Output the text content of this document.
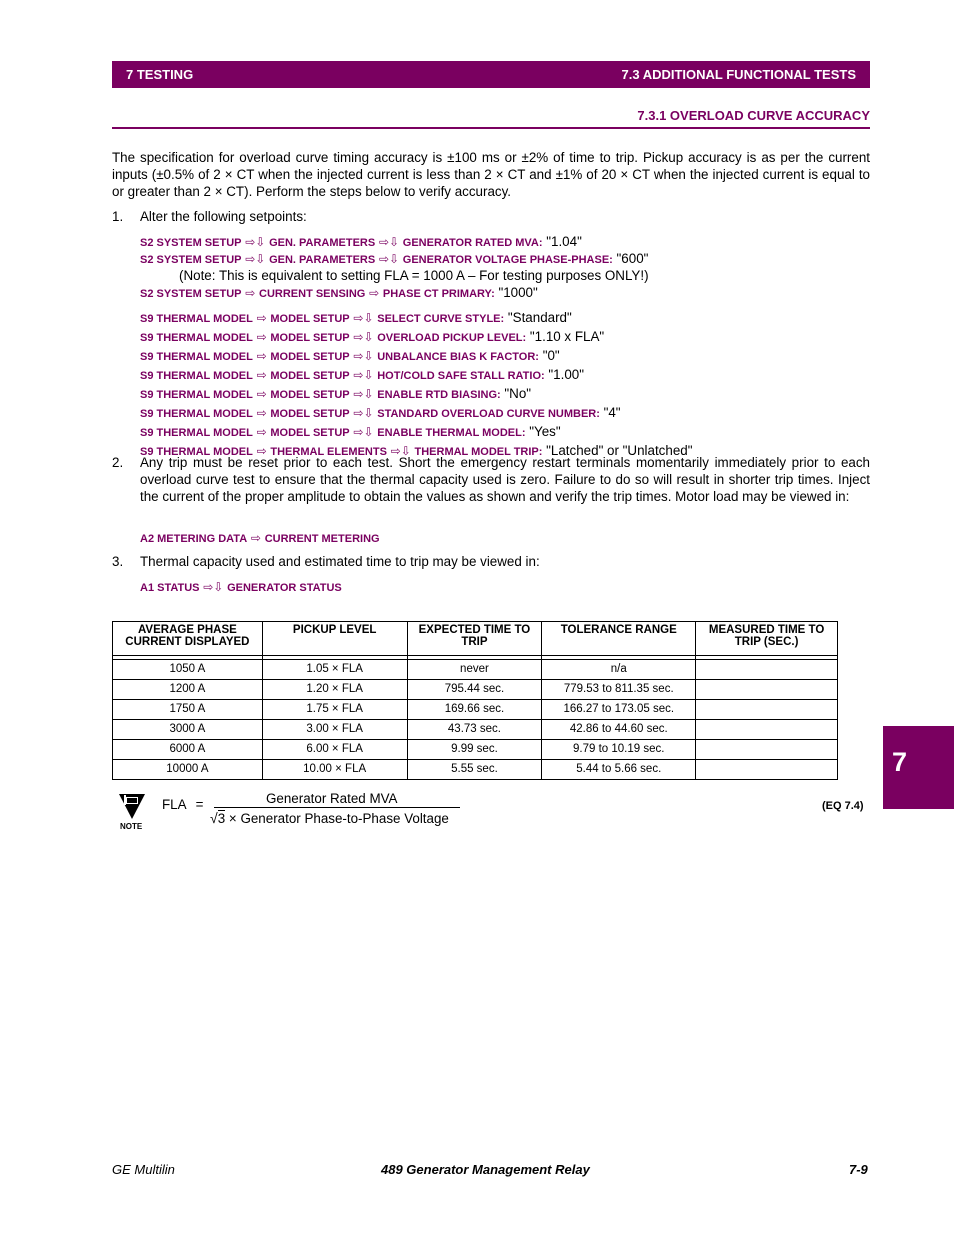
7 TESTING	7.3 ADDITIONAL FUNCTIONAL TESTS
7.3.1 OVERLOAD CURVE ACCURACY
The specification for overload curve timing accuracy is ±100 ms or ±2% of time to trip. Pickup accuracy is as per the current inputs (±0.5% of 2 × CT when the injected current is less than 2 × CT and ±1% of 20 × CT when the injected current is equal to or greater than 2 × CT). Perform the steps below to verify accuracy.
1. Alter the following setpoints:
S2 SYSTEM SETUP ⇨⇩ GEN. PARAMETERS ⇨⇩ GENERATOR RATED MVA: "1.04"
S2 SYSTEM SETUP ⇨⇩ GEN. PARAMETERS ⇨⇩ GENERATOR VOLTAGE PHASE-PHASE: "600"
(Note: This is equivalent to setting FLA = 1000 A – For testing purposes ONLY!)
S2 SYSTEM SETUP ⇨ CURRENT SENSING ⇨ PHASE CT PRIMARY: "1000"
S9 THERMAL MODEL ⇨ MODEL SETUP ⇨⇩ SELECT CURVE STYLE: "Standard"
S9 THERMAL MODEL ⇨ MODEL SETUP ⇨⇩ OVERLOAD PICKUP LEVEL: "1.10 x FLA"
S9 THERMAL MODEL ⇨ MODEL SETUP ⇨⇩ UNBALANCE BIAS K FACTOR: "0"
S9 THERMAL MODEL ⇨ MODEL SETUP ⇨⇩ HOT/COLD SAFE STALL RATIO: "1.00"
S9 THERMAL MODEL ⇨ MODEL SETUP ⇨⇩ ENABLE RTD BIASING: "No"
S9 THERMAL MODEL ⇨ MODEL SETUP ⇨⇩ STANDARD OVERLOAD CURVE NUMBER: "4"
S9 THERMAL MODEL ⇨ MODEL SETUP ⇨⇩ ENABLE THERMAL MODEL: "Yes"
S9 THERMAL MODEL ⇨ THERMAL ELEMENTS ⇨⇩ THERMAL MODEL TRIP: "Latched" or "Unlatched"
2. Any trip must be reset prior to each test. Short the emergency restart terminals momentarily immediately prior to each overload curve test to ensure that the thermal capacity used is zero. Failure to do so will result in shorter trip times. Inject the current of the proper amplitude to obtain the values as shown and verify the trip times. Motor load may be viewed in:
A2 METERING DATA ⇨ CURRENT METERING
3. Thermal capacity used and estimated time to trip may be viewed in:
A1 STATUS ⇨⇩ GENERATOR STATUS
AVERAGE PHASE CURRENT DISPLAYED	PICKUP LEVEL	EXPECTED TIME TO TRIP	TOLERANCE RANGE	MEASURED TIME TO TRIP (SEC.)

1050 A	1.05 × FLA	never	n/a	
1200 A	1.20 × FLA	795.44 sec.	779.53 to 811.35 sec.	
1750 A	1.75 × FLA	169.66 sec.	166.27 to 173.05 sec.	
3000 A	3.00 × FLA	43.73 sec.	42.86 to 44.60 sec.	
6000 A	6.00 × FLA	9.99 sec.	9.79 to 10.19 sec.	
10000 A	10.00 × FLA	5.55 sec.	5.44 to 5.66 sec.		7
NOTE
FLA =	Generator Rated MVA
√3 × Generator Phase-to-Phase Voltage
(EQ 7.4)
GE Multilin	489 Generator Management Relay	7-9
